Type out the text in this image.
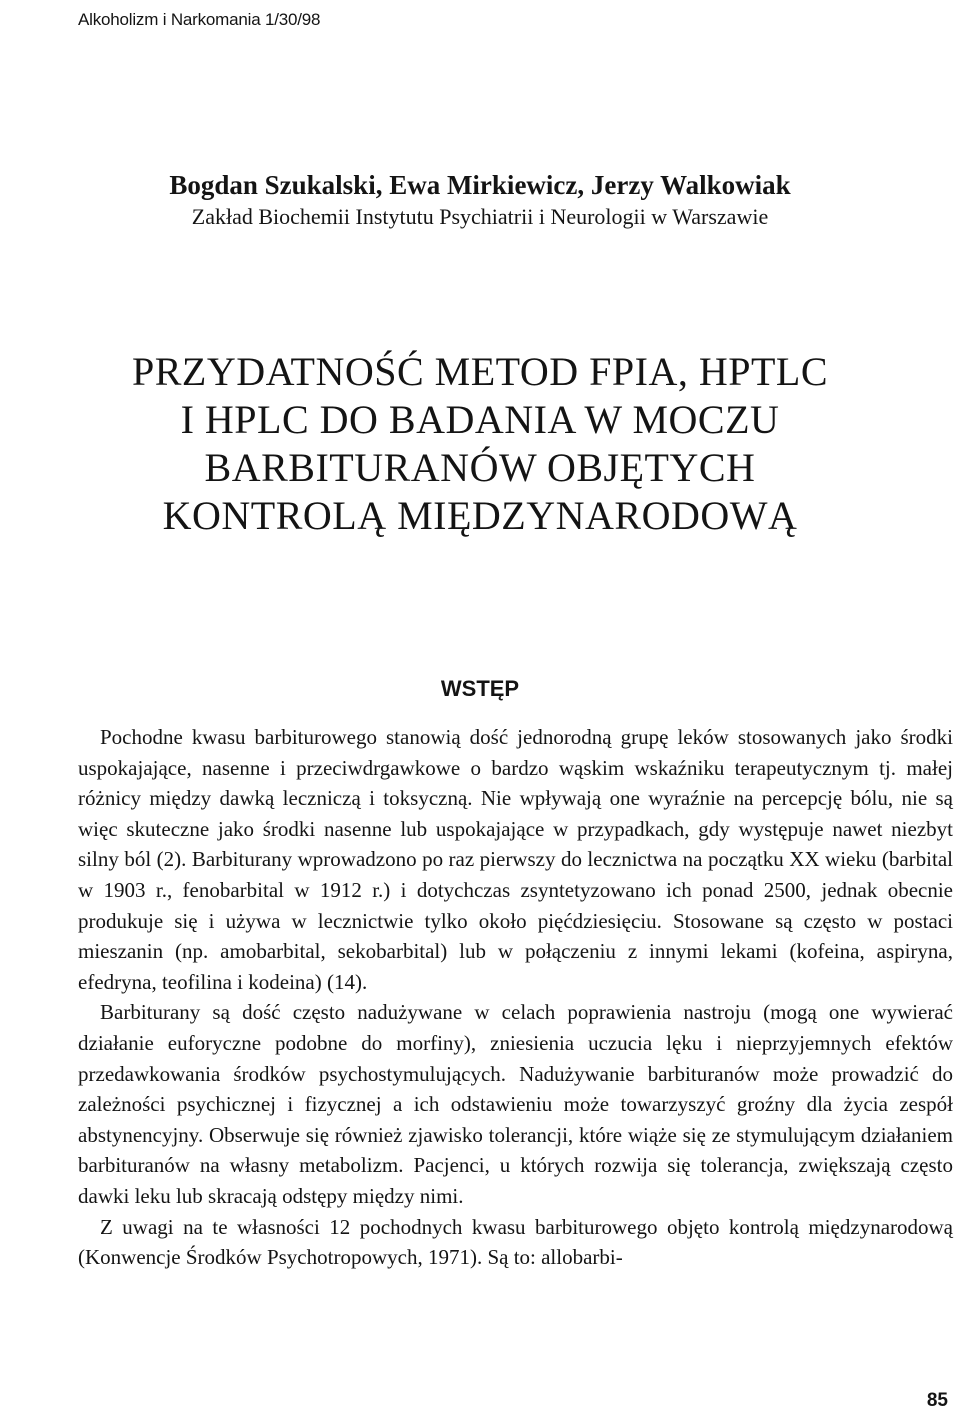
Alkoholizm i Narkomania 1/30/98
Bogdan Szukalski, Ewa Mirkiewicz, Jerzy Walkowiak
Zakład Biochemii Instytutu Psychiatrii i Neurologii w Warszawie
PRZYDATNOŚĆ METOD FPIA, HPTLC
I HPLC DO BADANIA W MOCZU
BARBITURANÓW OBJĘTYCH
KONTROLĄ MIĘDZYNARODOWĄ
WSTĘP

Pochodne kwasu barbiturowego stanowią dość jednorodną grupę leków stosowanych jako środki uspokajające, nasenne i przeciwdrgawkowe o bardzo wąskim wskaźniku terapeutycznym tj. małej różnicy między dawką leczniczą i toksyczną. Nie wpływają one wyraźnie na percepcję bólu, nie są więc skuteczne jako środki nasenne lub uspokajające w przypadkach, gdy występuje nawet niezbyt silny ból (2). Barbiturany wprowadzono po raz pierwszy do lecznictwa na początku XX wieku (barbital w 1903 r., fenobarbital w 1912 r.) i dotychczas zsyntetyzowano ich ponad 2500, jednak obecnie produkuje się i używa w lecznictwie tylko około pięćdziesięciu. Stosowane są często w postaci mieszanin (np. amobarbital, sekobarbital) lub w połączeniu z innymi lekami (kofeina, aspiryna, efedryna, teofilina i kodeina) (14).

Barbiturany są dość często nadużywane w celach poprawienia nastroju (mogą one wywierać działanie euforyczne podobne do morfiny), zniesienia uczucia lęku i nieprzyjemnych efektów przedawkowania środków psychostymulujących. Nadużywanie barbituranów może prowadzić do zależności psychicznej i fizycznej a ich odstawieniu może towarzyszyć groźny dla życia zespół abstynencyjny. Obserwuje się również zjawisko tolerancji, które wiąże się ze stymulującym działaniem barbituranów na własny metabolizm. Pacjenci, u których rozwija się tolerancja, zwiększają często dawki leku lub skracają odstępy między nimi.

Z uwagi na te własności 12 pochodnych kwasu barbiturowego objęto kontrolą międzynarodową (Konwencje Środków Psychotropowych, 1971). Są to: allobarbi-

85
